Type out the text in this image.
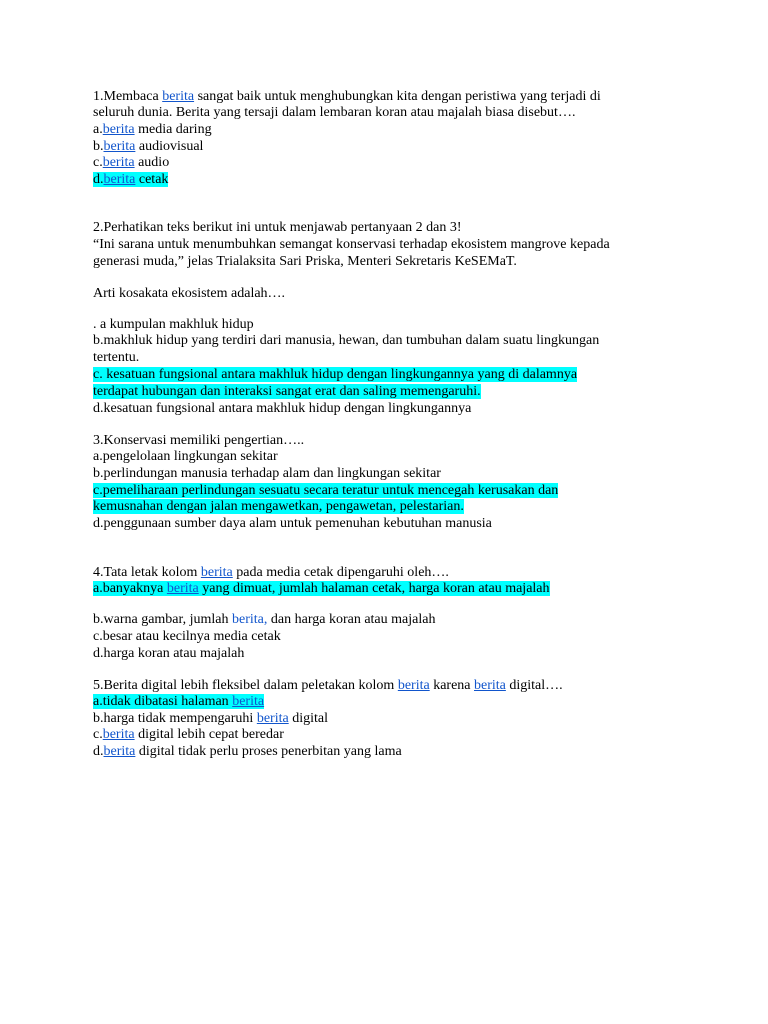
1.Membaca berita sangat baik untuk menghubungkan kita dengan peristiwa yang terjadi di

seluruh dunia. Berita yang tersaji dalam lembaran koran atau majalah biasa disebut….

a.berita media daring

b.berita audiovisual

c.berita audio

d.berita cetak

2.Perhatikan teks berikut ini untuk menjawab pertanyaan 2 dan 3!

“Ini sarana untuk menumbuhkan semangat konservasi terhadap ekosistem mangrove kepada

generasi muda,” jelas Trialaksita Sari Priska, Menteri Sekretaris KeSEMaT.

Arti kosakata ekosistem adalah….

. a kumpulan makhluk hidup

b.makhluk hidup yang terdiri dari manusia, hewan, dan tumbuhan dalam suatu lingkungan

tertentu.

c. kesatuan fungsional antara makhluk hidup dengan lingkungannya yang di dalamnya

terdapat hubungan dan interaksi sangat erat dan saling memengaruhi.

d.kesatuan fungsional antara makhluk hidup dengan lingkungannya

3.Konservasi memiliki pengertian…..

a.pengelolaan lingkungan sekitar

b.perlindungan manusia terhadap alam dan lingkungan sekitar

c.pemeliharaan perlindungan sesuatu secara teratur untuk mencegah kerusakan dan

kemusnahan dengan jalan mengawetkan, pengawetan, pelestarian.

d.penggunaan sumber daya alam untuk pemenuhan kebutuhan manusia

4.Tata letak kolom berita pada media cetak dipengaruhi oleh….

a.banyaknya berita yang dimuat, jumlah halaman cetak, harga koran atau majalah

b.warna gambar, jumlah berita, dan harga koran atau majalah

c.besar atau kecilnya media cetak

d.harga koran atau majalah

5.Berita digital lebih fleksibel dalam peletakan kolom berita karena berita digital….

a.tidak dibatasi halaman berita

b.harga tidak mempengaruhi berita digital

c.berita digital lebih cepat beredar

d.berita digital tidak perlu proses penerbitan yang lama
